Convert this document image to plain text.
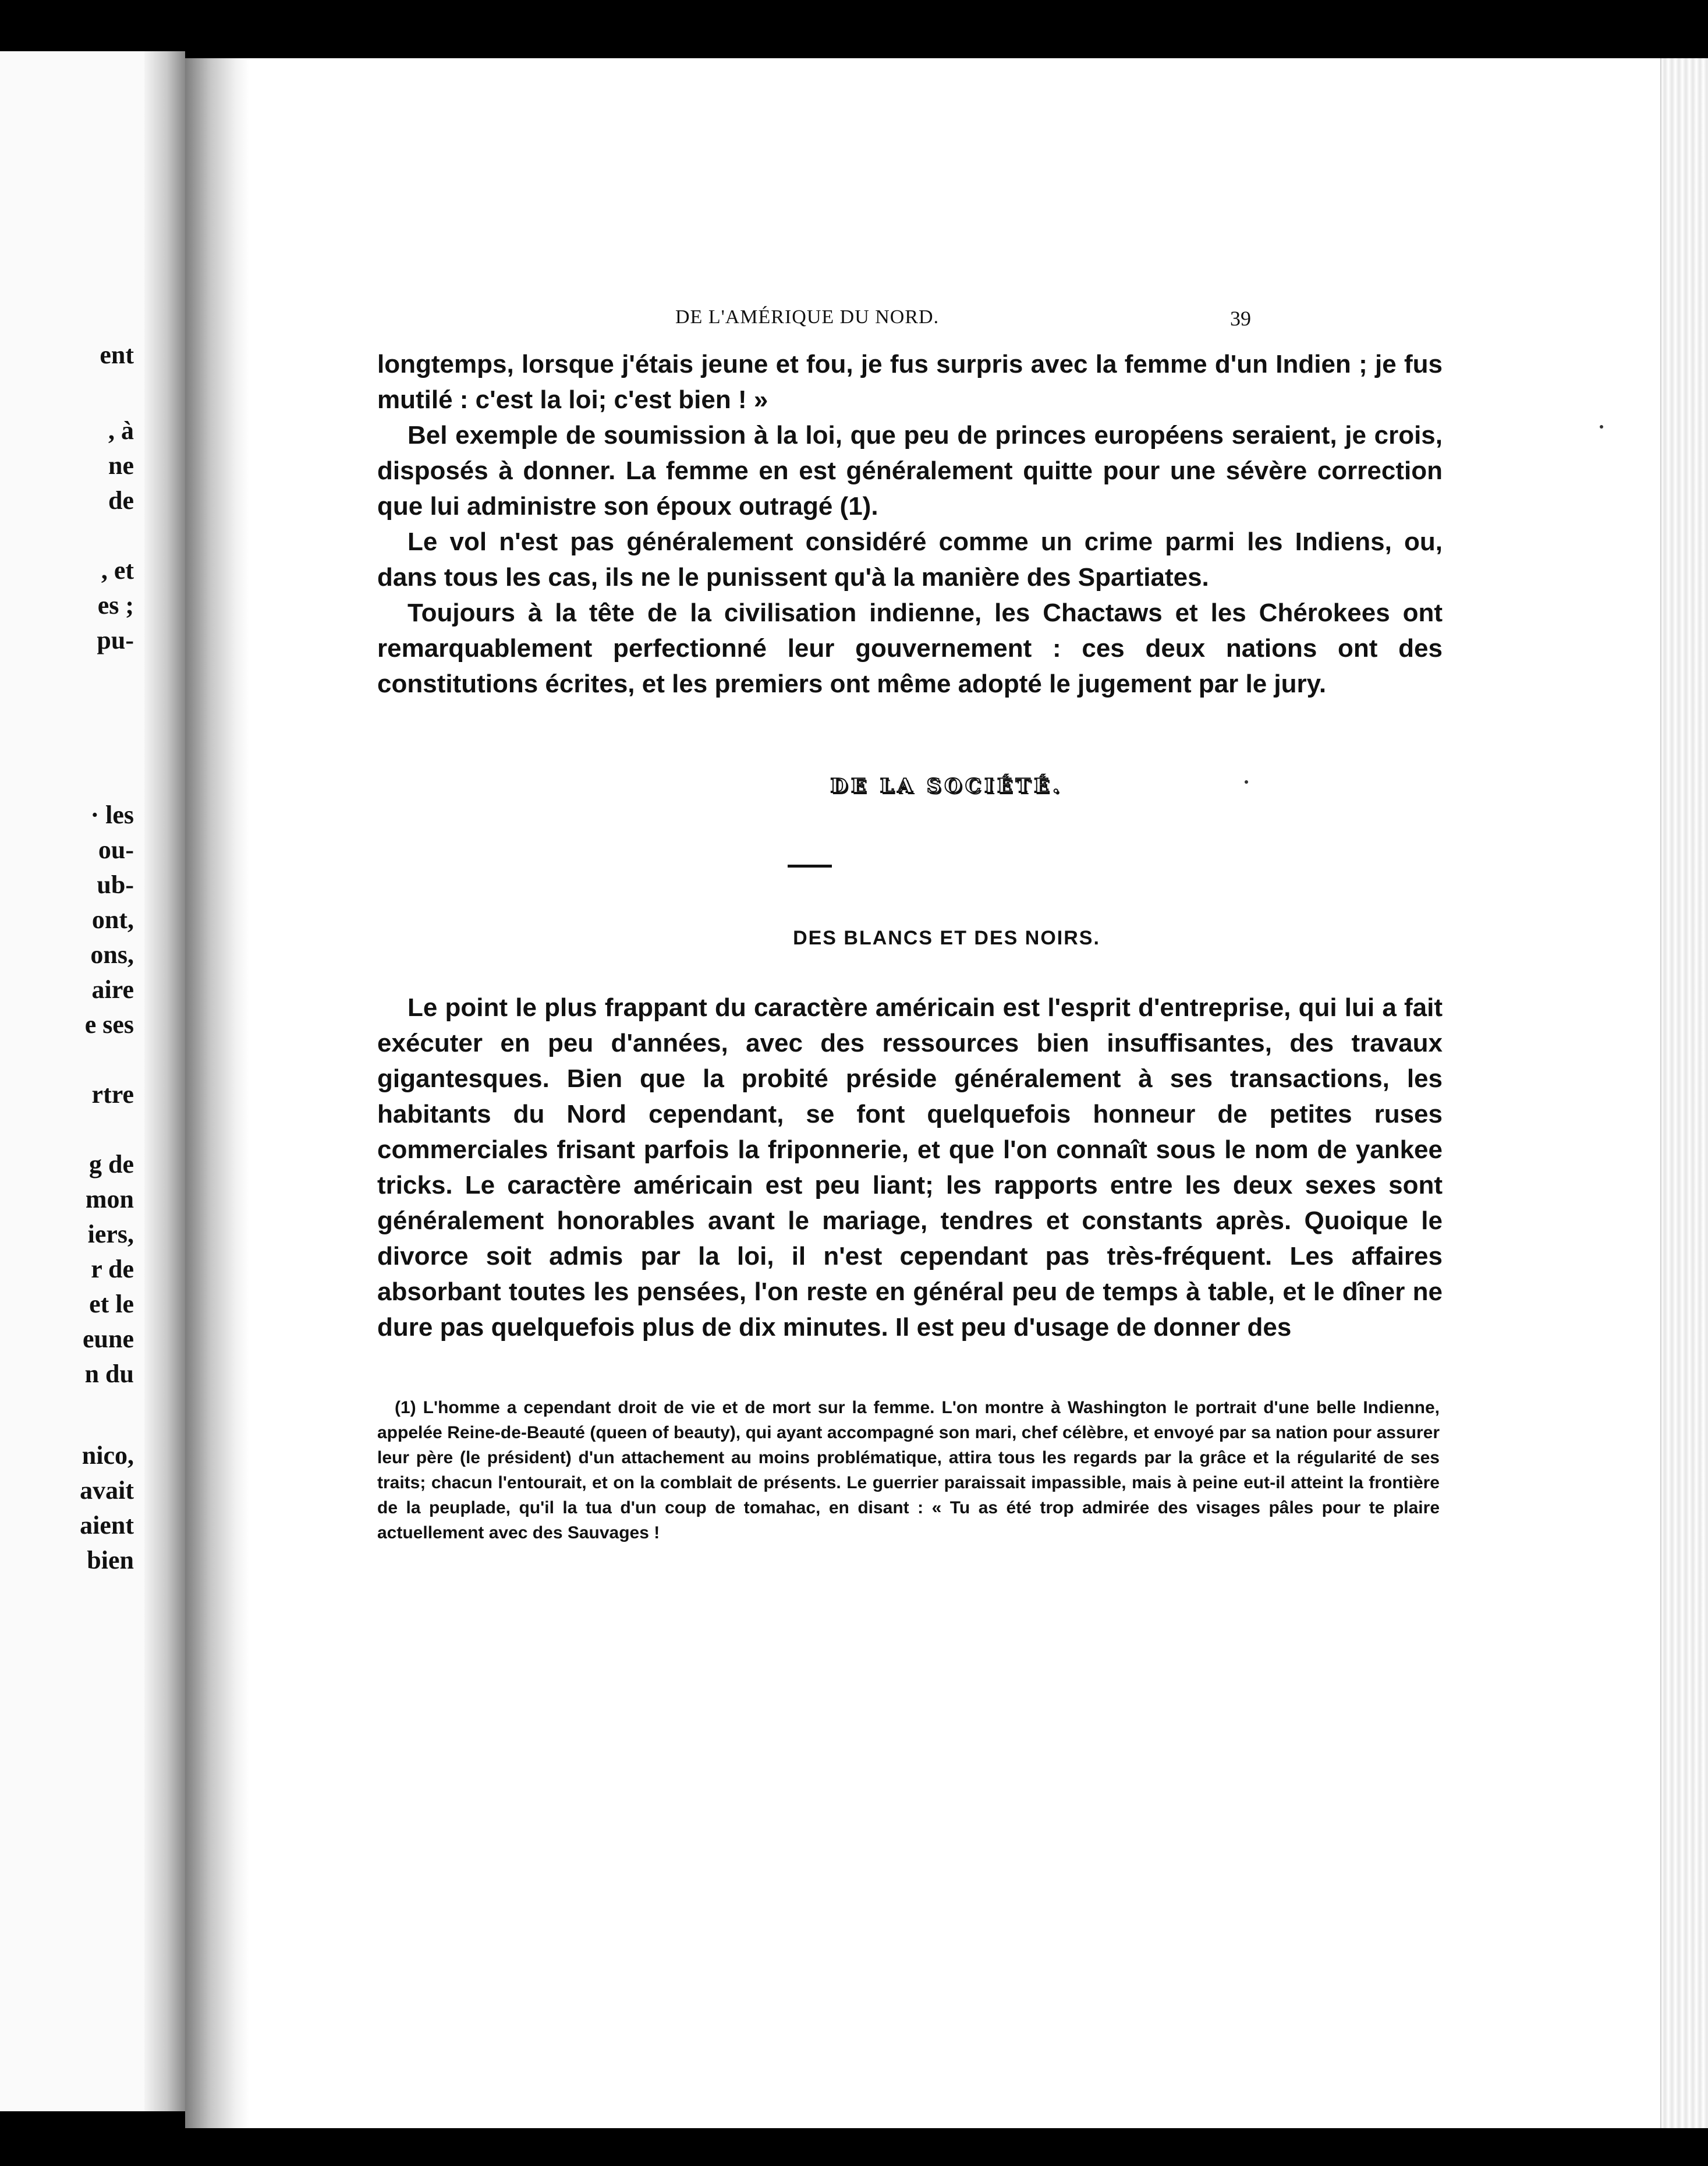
ent
, à
ne
de
, et
es ;
pu-
· les
ou-
ub-
ont,
ons,
aire
e ses
rtre
g de
mon
iers,
r de
et le
eune
n du
nico,
avait
aient
bien
DE L'AMÉRIQUE DU NORD.	39

longtemps, lorsque j'étais jeune et fou, je fus surpris avec la femme d'un Indien ; je fus mutilé : c'est la loi; c'est bien ! »

Bel exemple de soumission à la loi, que peu de princes européens seraient, je crois, disposés à donner. La femme en est généralement quitte pour une sévère correction que lui administre son époux outragé (1).

Le vol n'est pas généralement considéré comme un crime parmi les Indiens, ou, dans tous les cas, ils ne le punissent qu'à la manière des Spartiates.

Toujours à la tête de la civilisation indienne, les Chactaws et les Chérokees ont remarquablement perfectionné leur gouvernement : ces deux nations ont des constitutions écrites, et les premiers ont même adopté le jugement par le jury.

DE LA SOCIÉTÉ.
DES BLANCS ET DES NOIRS.

Le point le plus frappant du caractère américain est l'esprit d'entreprise, qui lui a fait exécuter en peu d'années, avec des ressources bien insuffisantes, des travaux gigantesques. Bien que la probité préside généralement à ses transactions, les habitants du Nord cependant, se font quelquefois honneur de petites ruses commerciales frisant parfois la friponnerie, et que l'on connaît sous le nom de yankee tricks. Le caractère américain est peu liant; les rapports entre les deux sexes sont généralement honorables avant le mariage, tendres et constants après. Quoique le divorce soit admis par la loi, il n'est cependant pas très-fréquent. Les affaires absorbant toutes les pensées, l'on reste en général peu de temps à table, et le dîner ne dure pas quelquefois plus de dix minutes. Il est peu d'usage de donner des

(1) L'homme a cependant droit de vie et de mort sur la femme. L'on montre à Washington le portrait d'une belle Indienne, appelée Reine-de-Beauté (queen of beauty), qui ayant accompagné son mari, chef célèbre, et envoyé par sa nation pour assurer leur père (le président) d'un attachement au moins problématique, attira tous les regards par la grâce et la régularité de ses traits; chacun l'entourait, et on la comblait de présents. Le guerrier paraissait impassible, mais à peine eut-il atteint la frontière de la peuplade, qu'il la tua d'un coup de tomahac, en disant : « Tu as été trop admirée des visages pâles pour te plaire actuellement avec des Sauvages !
